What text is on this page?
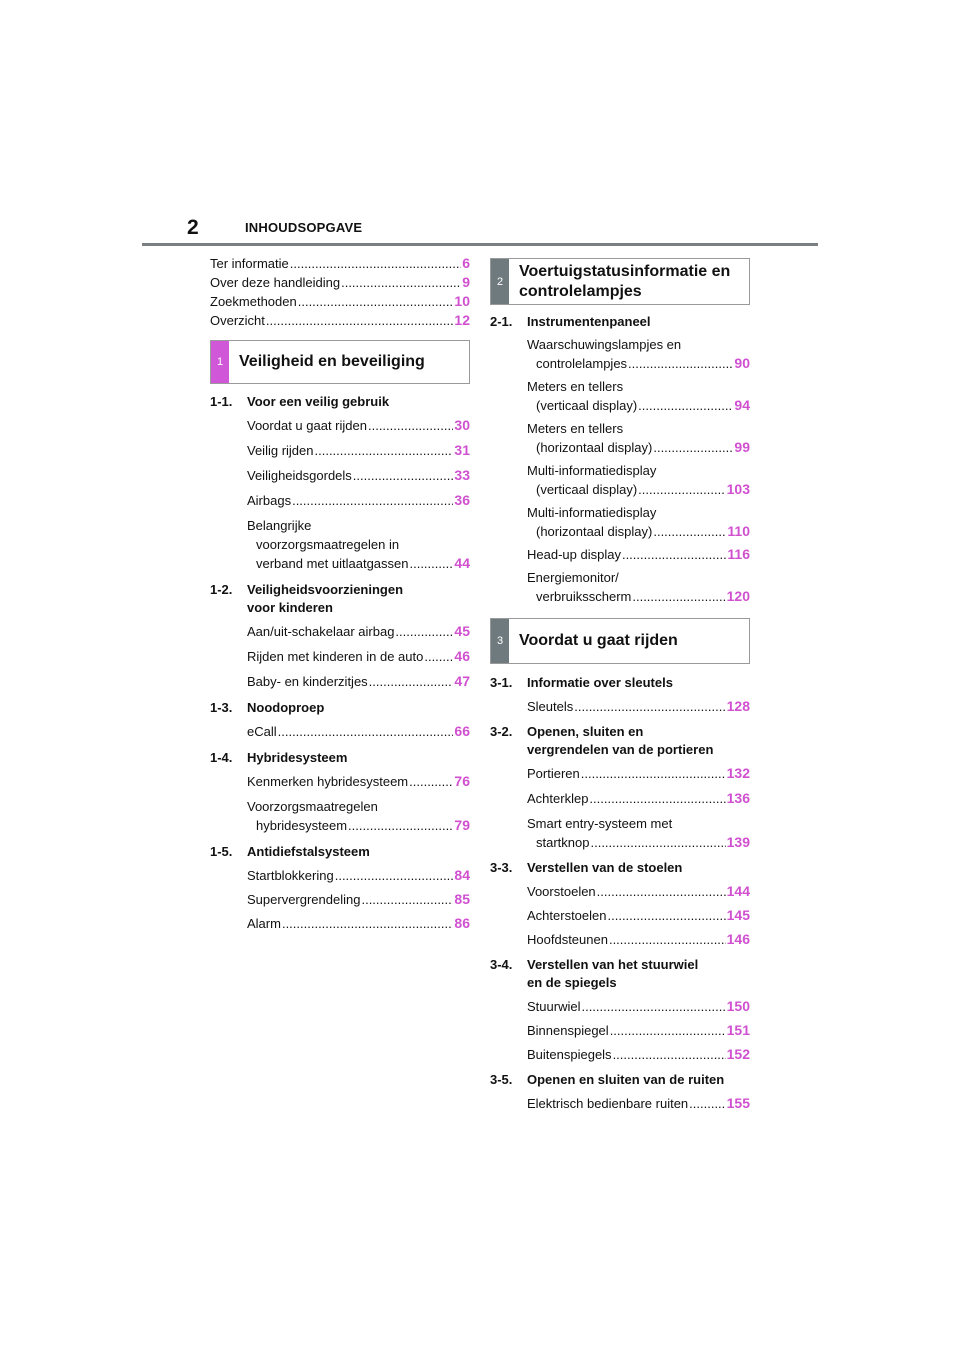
2	INHOUDSOPGAVE
Ter informatie .....	6
Over deze handleiding .....	9
Zoekmethoden .....	10
Overzicht .....	12
1 Veiligheid en beveiliging
1-1.	Voor een veilig gebruik
Voordat u gaat rijden .....	30
Veilig rijden .....	31
Veiligheidsgordels .....	33
Airbags .....	36
Belangrijke
voorzorgsmaatregelen in
verband met uitlaatgassen .....	44
1-2.	Veiligheidsvoorzieningen
voor kinderen
Aan/uit-schakelaar airbag .....	45
Rijden met kinderen in de auto ..... 46
Baby- en kinderzitjes .....	47
1-3.	Noodoproep
eCall .....	66
1-4.	Hybridesysteem
Kenmerken hybridesysteem .....	76
Voorzorgsmaatregelen
hybridesysteem .....	79
1-5.	Antidiefstalsysteem
Startblokkering .....	84
Supervergrendeling .....	85
Alarm .....	86
2
Voertuigstatusinformatie en
controlelampjes
2-1.	Instrumentenpaneel
Waarschuwingslampjes en
controlelampjes .....	90
Meters en tellers
(verticaal display) .....	94
Meters en tellers
(horizontaal display) .....	99
Multi-informatiedisplay
(verticaal display) .....	103
Multi-informatiedisplay
(horizontaal display) .....	110
Head-up display .....	116
Energiemonitor/
verbruiksscherm .....	120
3 Voordat u gaat rijden
3-1.	Informatie over sleutels
Sleutels .....	128
3-2.	Openen, sluiten en
vergrendelen van de portieren
Portieren .....	132
Achterklep .....	136
Smart entry-systeem met
startknop .....	139
3-3.	Verstellen van de stoelen
Voorstoelen .....	144
Achterstoelen .....	145
Hoofdsteunen .....	146
3-4.	Verstellen van het stuurwiel
en de spiegels
Stuurwiel .....	150
Binnenspiegel .....	151
Buitenspiegels .....	152
3-5.	Openen en sluiten van de ruiten
Elektrisch bedienbare ruiten .....	155
